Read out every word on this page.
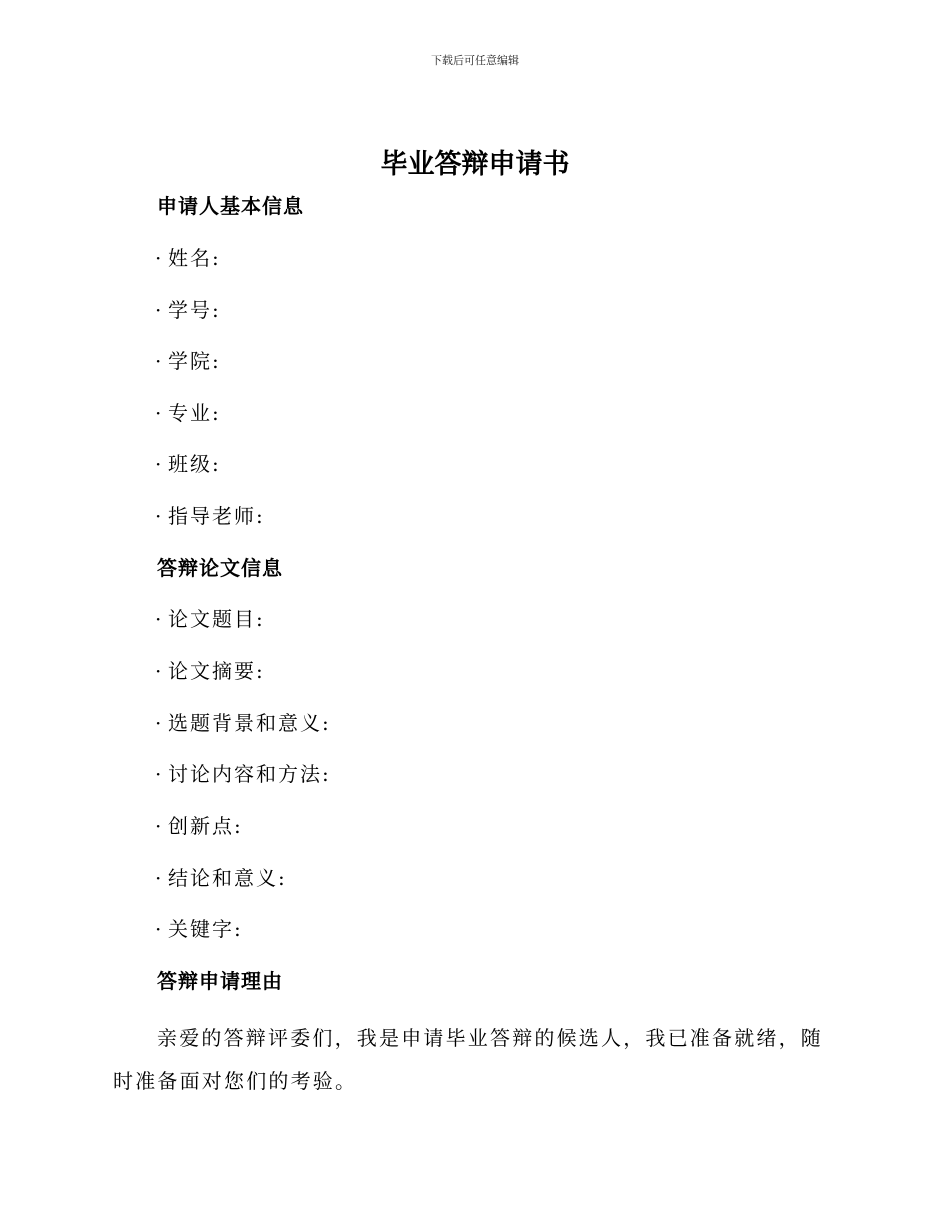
下载后可任意编辑
毕业答辩申请书
申请人基本信息
· 姓名:
· 学号:
· 学院:
· 专业:
· 班级:
· 指导老师:
答辩论文信息
· 论文题目:
· 论文摘要:
· 选题背景和意义:
· 讨论内容和方法:
· 创新点:
· 结论和意义:
· 关键字:
答辩申请理由

亲爱的答辩评委们，我是申请毕业答辩的候选人，我已准备就绪，随时准备面对您们的考验。
